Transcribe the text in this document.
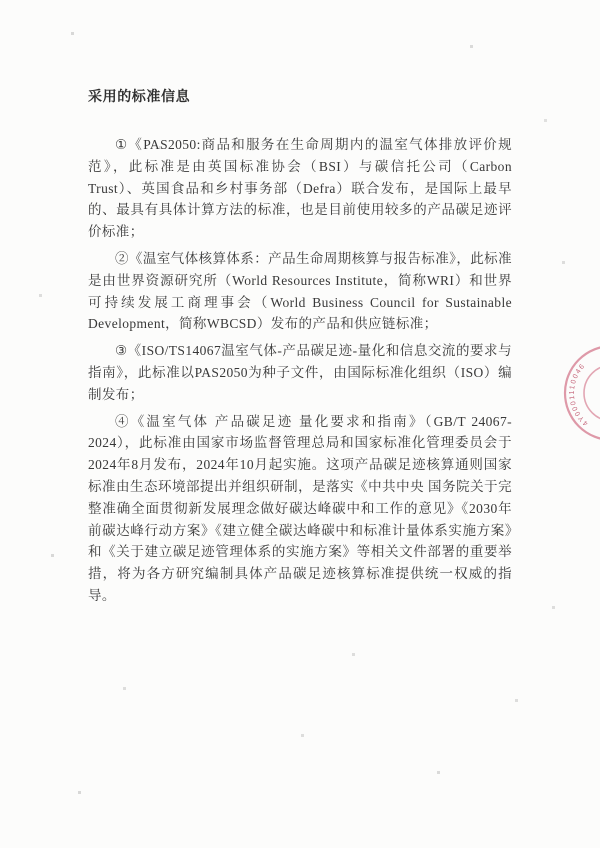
采用的标准信息

①《PAS2050:商品和服务在生命周期内的温室气体排放评价规范》，此标准是由英国标准协会（BSI）与碳信托公司（Carbon Trust）、英国食品和乡村事务部（Defra）联合发布，是国际上最早的、最具有具体计算方法的标准，也是目前使用较多的产品碳足迹评价标准；

②《温室气体核算体系：产品生命周期核算与报告标准》，此标准是由世界资源研究所（World Resources Institute，简称WRI）和世界可持续发展工商理事会（World Business Council for Sustainable Development，简称WBCSD）发布的产品和供应链标准；

③《ISO/TS14067温室气体-产品碳足迹-量化和信息交流的要求与指南》，此标准以PAS2050为种子文件，由国际标准化组织（ISO）编制发布；

④《温室气体 产品碳足迹 量化要求和指南》（GB/T 24067-2024），此标准由国家市场监督管理总局和国家标准化管理委员会于2024年8月发布，2024年10月起实施。这项产品碳足迹核算通则国家标准由生态环境部提出并组织研制，是落实《中共中央 国务院关于完整准确全面贯彻新发展理念做好碳达峰碳中和工作的意见》《2030年前碳达峰行动方案》《建立健全碳达峰碳中和标准计量体系实施方案》和《关于建立碳足迹管理体系的实施方案》等相关文件部署的重要举措，将为各方研究编制具体产品碳足迹核算标准提供统一权威的指导。

4Y0001110046
